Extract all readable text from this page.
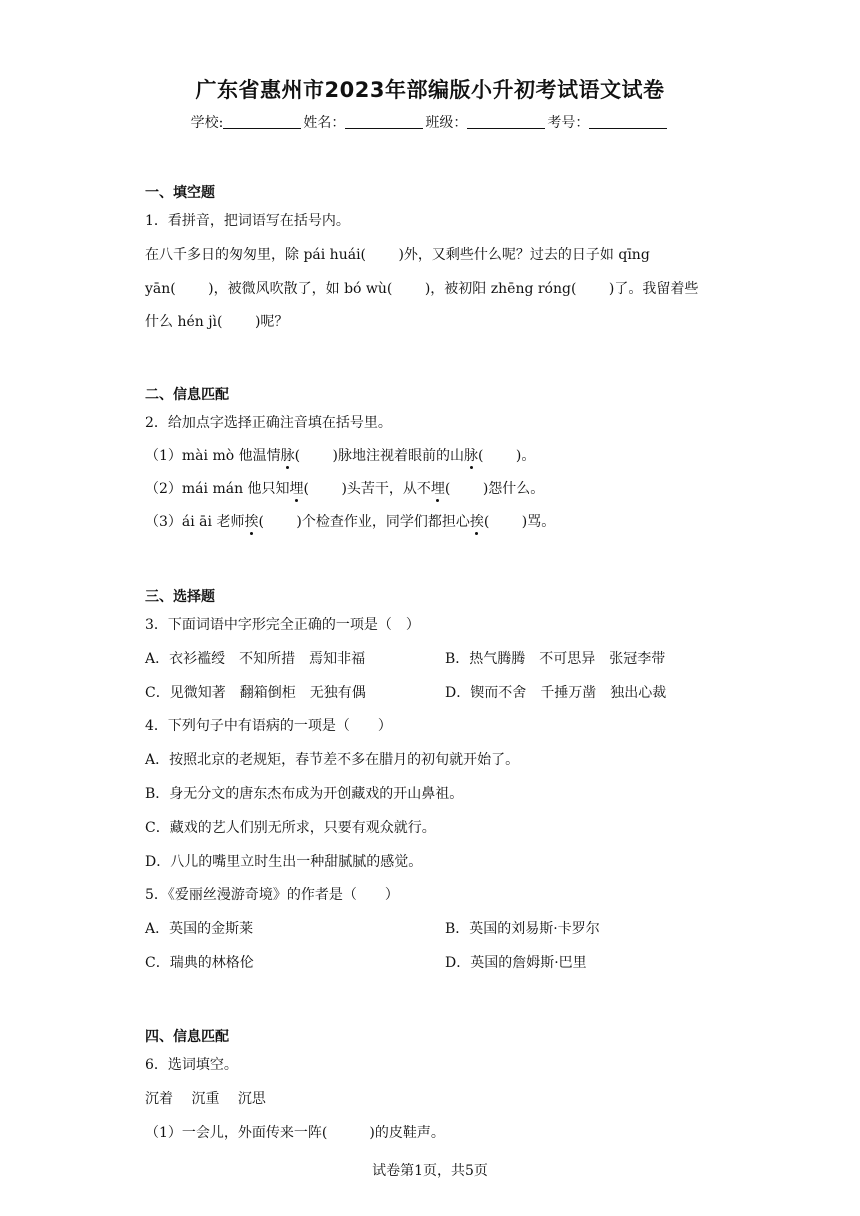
广东省惠州市2023年部编版小升初考试语文试卷
学校:	姓名：	班级：	考号：
一、填空题
1．看拼音，把词语写在括号内。
在八千多日的匆匆里，除 pái huái(　　 )外，又剩些什么呢？过去的日子如 qīng
yān(　　 )，被微风吹散了，如 bó wù(　　 )，被初阳 zhēng róng(　　 )了。我留着些
什么 hén jì(　　 )呢？
二、信息匹配
2．给加点字选择正确注音填在括号里。
（1）mài mò 他温情脉(　　 )脉地注视着眼前的山脉(　　 )。
（2）mái mán 他只知埋(　　 )头苦干，从不埋(　　 )怨什么。
（3）ái āi 老师挨(　　 )个检查作业，同学们都担心挨(　　 )骂。
三、选择题
3．下面词语中字形完全正确的一项是（　）
A．衣衫褴绶　不知所措　焉知非福	B．热气腾腾　不可思异　张冠李带
C．见微知著　翻箱倒柜　无独有偶	D．锲而不舍　千捶万凿　独出心裁
4．下列句子中有语病的一项是（　　）
A．按照北京的老规矩，春节差不多在腊月的初旬就开始了。
B．身无分文的唐东杰布成为开创藏戏的开山鼻祖。
C．藏戏的艺人们别无所求，只要有观众就行。
D．八儿的嘴里立时生出一种甜腻腻的感觉。
5．《爱丽丝漫游奇境》的作者是（　　）
A．英国的金斯莱	B．英国的刘易斯·卡罗尔
C．瑞典的林格伦	D．英国的詹姆斯·巴里
四、信息匹配
6．选词填空。
沉着　 沉重　 沉思
（1）一会儿，外面传来一阵(　　　)的皮鞋声。
试卷第1页，共5页
